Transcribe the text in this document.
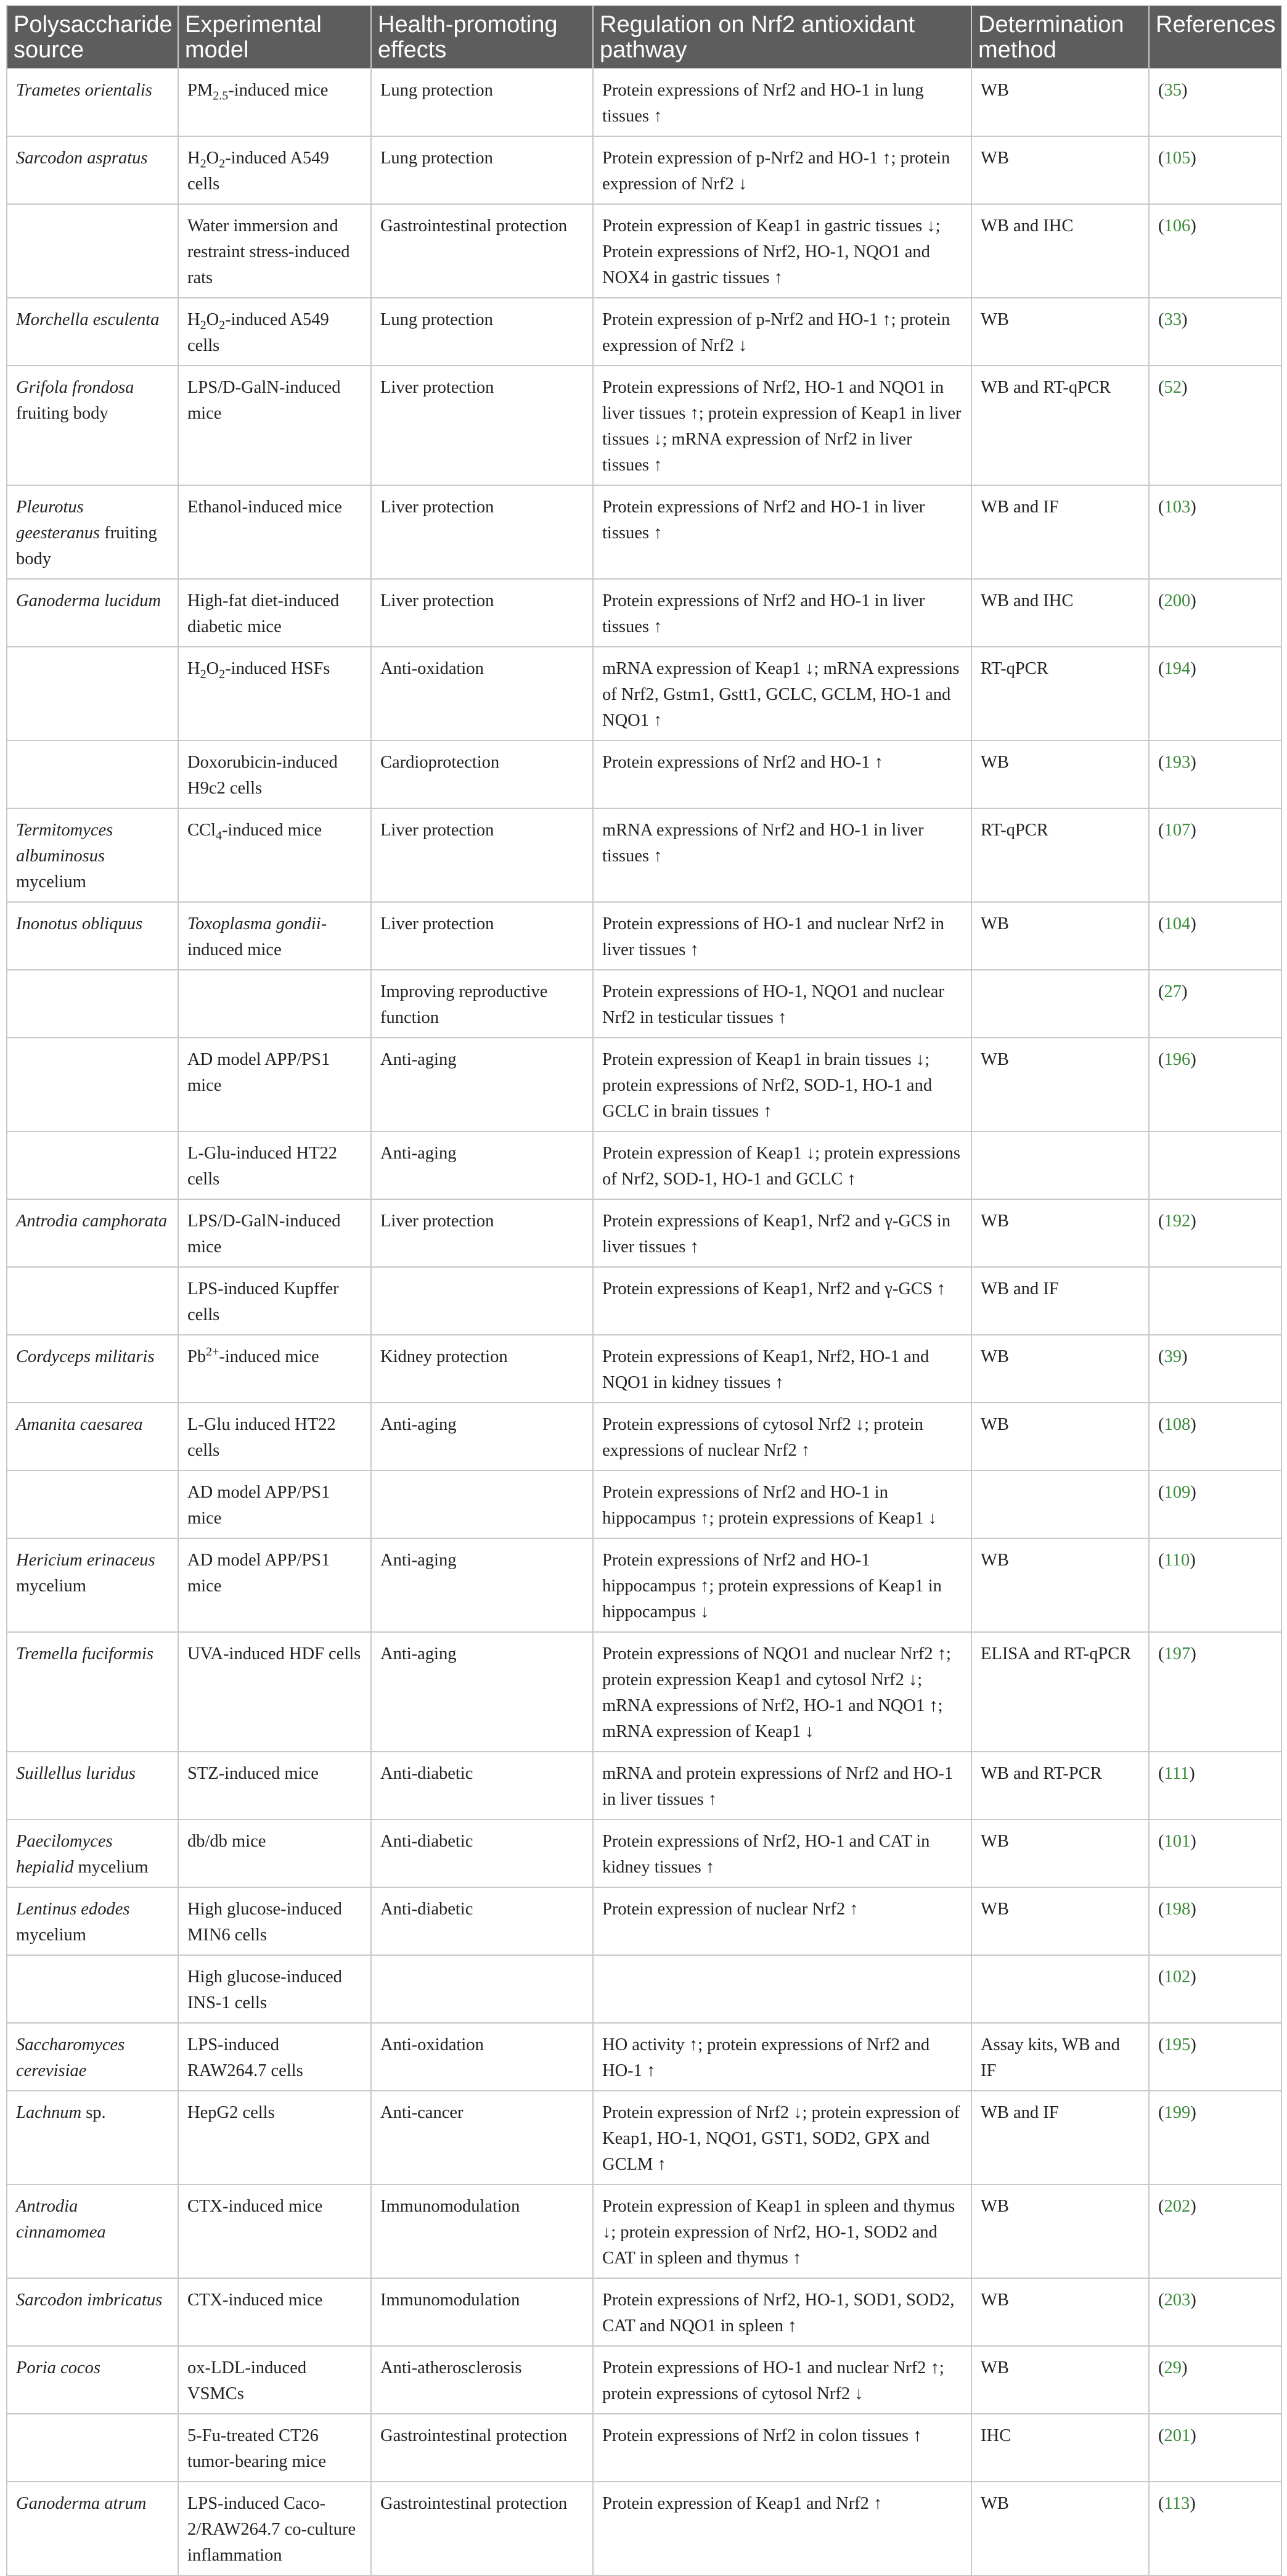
Polysaccharide source	Experimental model	Health-promoting effects	Regulation on Nrf2 antioxidant pathway	Determination method	References
Trametes orientalis	$PM_{2.5}$-induced mice	Lung protection	Protein expressions of Nrf2 and HO-1 in lung tissues ↑	WB	(35)
Sarcodon aspratus	$H_2O_2$-induced A549 cells	Lung protection	Protein expression of p-Nrf2 and HO-1 ↑; protein expression of Nrf2 ↓	WB	(105)
	Water immersion and restraint stress-induced rats	Gastrointestinal protection	Protein expression of Keap1 in gastric tissues ↓; Protein expressions of Nrf2, HO-1, NQO1 and NOX4 in gastric tissues ↑	WB and IHC	(106)
Morchella esculenta	$H_2O_2$-induced A549 cells	Lung protection	Protein expression of p-Nrf2 and HO-1 ↑; protein expression of Nrf2 ↓	WB	(33)
Grifola frondosa fruiting body	LPS/D-GalN-induced mice	Liver protection	Protein expressions of Nrf2, HO-1 and NQO1 in liver tissues ↑; protein expression of Keap1 in liver tissues ↓; mRNA expression of Nrf2 in liver tissues ↑	WB and RT-qPCR	(52)
Pleurotus geesteranus fruiting body	Ethanol-induced mice	Liver protection	Protein expressions of Nrf2 and HO-1 in liver tissues ↑	WB and IF	(103)
Ganoderma lucidum	High-fat diet-induced diabetic mice	Liver protection	Protein expressions of Nrf2 and HO-1 in liver tissues ↑	WB and IHC	(200)
	$H_2O_2$-induced HSFs	Anti-oxidation	mRNA expression of Keap1 ↓; mRNA expressions of Nrf2, Gstm1, Gstt1, GCLC, GCLM, HO-1 and NQO1 ↑	RT-qPCR	(194)
	Doxorubicin-induced H9c2 cells	Cardioprotection	Protein expressions of Nrf2 and HO-1 ↑	WB	(193)
Termitomyces albuminosus mycelium	CCl$_4$-induced mice	Liver protection	mRNA expressions of Nrf2 and HO-1 in liver tissues ↑	RT-qPCR	(107)
Inonotus obliquus	Toxoplasma gondii-induced mice	Liver protection	Protein expressions of HO-1 and nuclear Nrf2 in liver tissues ↑	WB	(104)
		Improving reproductive function	Protein expressions of HO-1, NQO1 and nuclear Nrf2 in testicular tissues ↑		(27)
	AD model APP/PS1 mice	Anti-aging	Protein expression of Keap1 in brain tissues ↓; protein expressions of Nrf2, SOD-1, HO-1 and GCLC in brain tissues ↑	WB	(196)
	L-Glu-induced HT22 cells	Anti-aging	Protein expression of Keap1 ↓; protein expressions of Nrf2, SOD-1, HO-1 and GCLC ↑		
Antrodia camphorata	LPS/D-GalN-induced mice	Liver protection	Protein expressions of Keap1, Nrf2 and γ-GCS in liver tissues ↑	WB	(192)
	LPS-induced Kupffer cells		Protein expressions of Keap1, Nrf2 and γ-GCS ↑	WB and IF	
Cordyceps militaris	$Pb^{2+}$-induced mice	Kidney protection	Protein expressions of Keap1, Nrf2, HO-1 and NQO1 in kidney tissues ↑	WB	(39)
Amanita caesarea	L-Glu induced HT22 cells	Anti-aging	Protein expressions of cytosol Nrf2 ↓; protein expressions of nuclear Nrf2 ↑	WB	(108)
	AD model APP/PS1 mice		Protein expressions of Nrf2 and HO-1 in hippocampus ↑; protein expressions of Keap1 ↓		(109)
Hericium erinaceus mycelium	AD model APP/PS1 mice	Anti-aging	Protein expressions of Nrf2 and HO-1 hippocampus ↑; protein expressions of Keap1 in hippocampus ↓	WB	(110)
Tremella fuciformis	UVA-induced HDF cells	Anti-aging	Protein expressions of NQO1 and nuclear Nrf2 ↑; protein expression Keap1 and cytosol Nrf2 ↓; mRNA expressions of Nrf2, HO-1 and NQO1 ↑; mRNA expression of Keap1 ↓	ELISA and RT-qPCR	(197)
Suillellus luridus	STZ-induced mice	Anti-diabetic	mRNA and protein expressions of Nrf2 and HO-1 in liver tissues ↑	WB and RT-PCR	(111)
Paecilomyces hepialid mycelium	db/db mice	Anti-diabetic	Protein expressions of Nrf2, HO-1 and CAT in kidney tissues ↑	WB	(101)
Lentinus edodes mycelium	High glucose-induced MIN6 cells	Anti-diabetic	Protein expression of nuclear Nrf2 ↑	WB	(198)
	High glucose-induced INS-1 cells				(102)
Saccharomyces cerevisiae	LPS-induced RAW264.7 cells	Anti-oxidation	HO activity ↑; protein expressions of Nrf2 and HO-1 ↑	Assay kits, WB and IF	(195)
Lachnum sp.	HepG2 cells	Anti-cancer	Protein expression of Nrf2 ↓; protein expression of Keap1, HO-1, NQO1, GST1, SOD2, GPX and GCLM ↑	WB and IF	(199)
Antrodia cinnamomea	CTX-induced mice	Immunomodulation	Protein expression of Keap1 in spleen and thymus ↓; protein expression of Nrf2, HO-1, SOD2 and CAT in spleen and thymus ↑	WB	(202)
Sarcodon imbricatus	CTX-induced mice	Immunomodulation	Protein expressions of Nrf2, HO-1, SOD1, SOD2, CAT and NQO1 in spleen ↑	WB	(203)
Poria cocos	ox-LDL-induced VSMCs	Anti-atherosclerosis	Protein expressions of HO-1 and nuclear Nrf2 ↑; protein expressions of cytosol Nrf2 ↓	WB	(29)
	5-Fu-treated CT26 tumor-bearing mice	Gastrointestinal protection	Protein expressions of Nrf2 in colon tissues ↑	IHC	(201)
Ganoderma atrum	LPS-induced Caco-2/RAW264.7 co-culture inflammation	Gastrointestinal protection	Protein expression of Keap1 and Nrf2 ↑	WB	(113)
